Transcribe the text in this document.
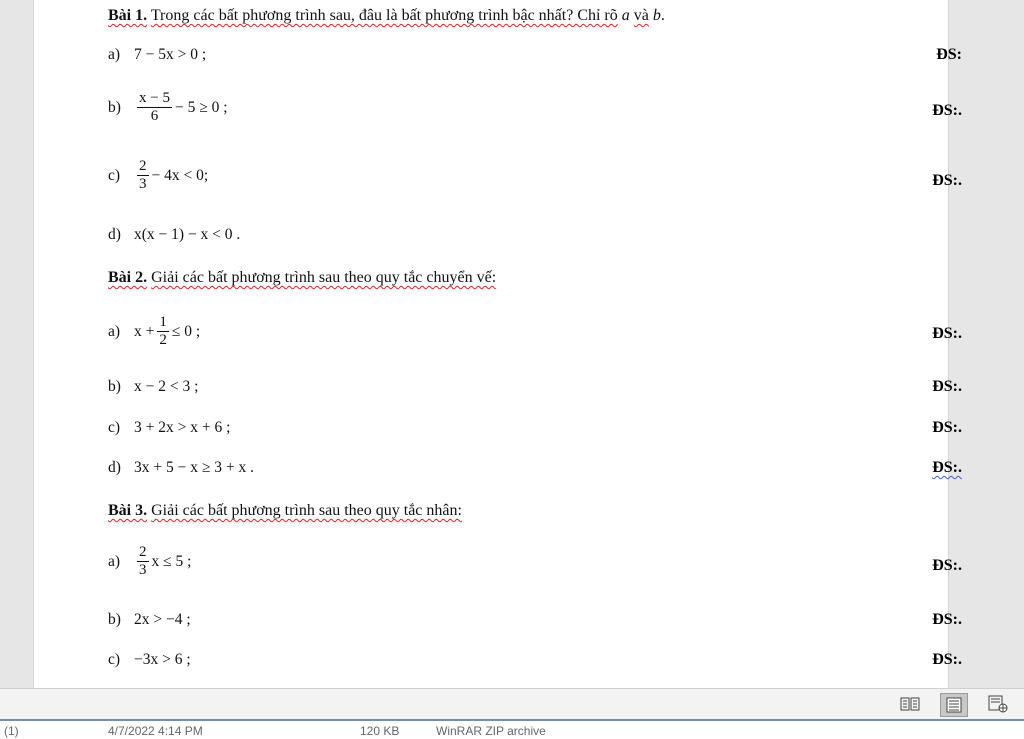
Bài 1. Trong các bất phương trình sau, đâu là bất phương trình bậc nhất? Chỉ rõ a và b.
a) 7 − 5x > 0 ;	ĐS:
b)	$\frac{x - 5}{6} - 5 \ge 0$ ;	ĐS:.
c)	$\frac{2}{3} - 4x < 0$;	ĐS:.
d) x(x − 1) − x < 0 .
Bài 2. Giải các bất phương trình sau theo quy tắc chuyển vế:
a) $x + \frac{1}{2} \le 0$ ;	ĐS:.
b) x − 2 < 3 ;	ĐS:.
c) 3 + 2x > x + 6 ;	ĐS:.
d) 3x + 5 − x ≥ 3 + x .	ĐS:.
Bài 3. Giải các bất phương trình sau theo quy tắc nhân:
a)	$\frac{2}{3}$ x ≤ 5 ;	ĐS:.
b) 2x > −4 ;	ĐS:.
c) −3x > 6 ;	ĐS:.
(1)	4/7/2022 4:14 PM	120 KB	WinRAR ZIP archive
